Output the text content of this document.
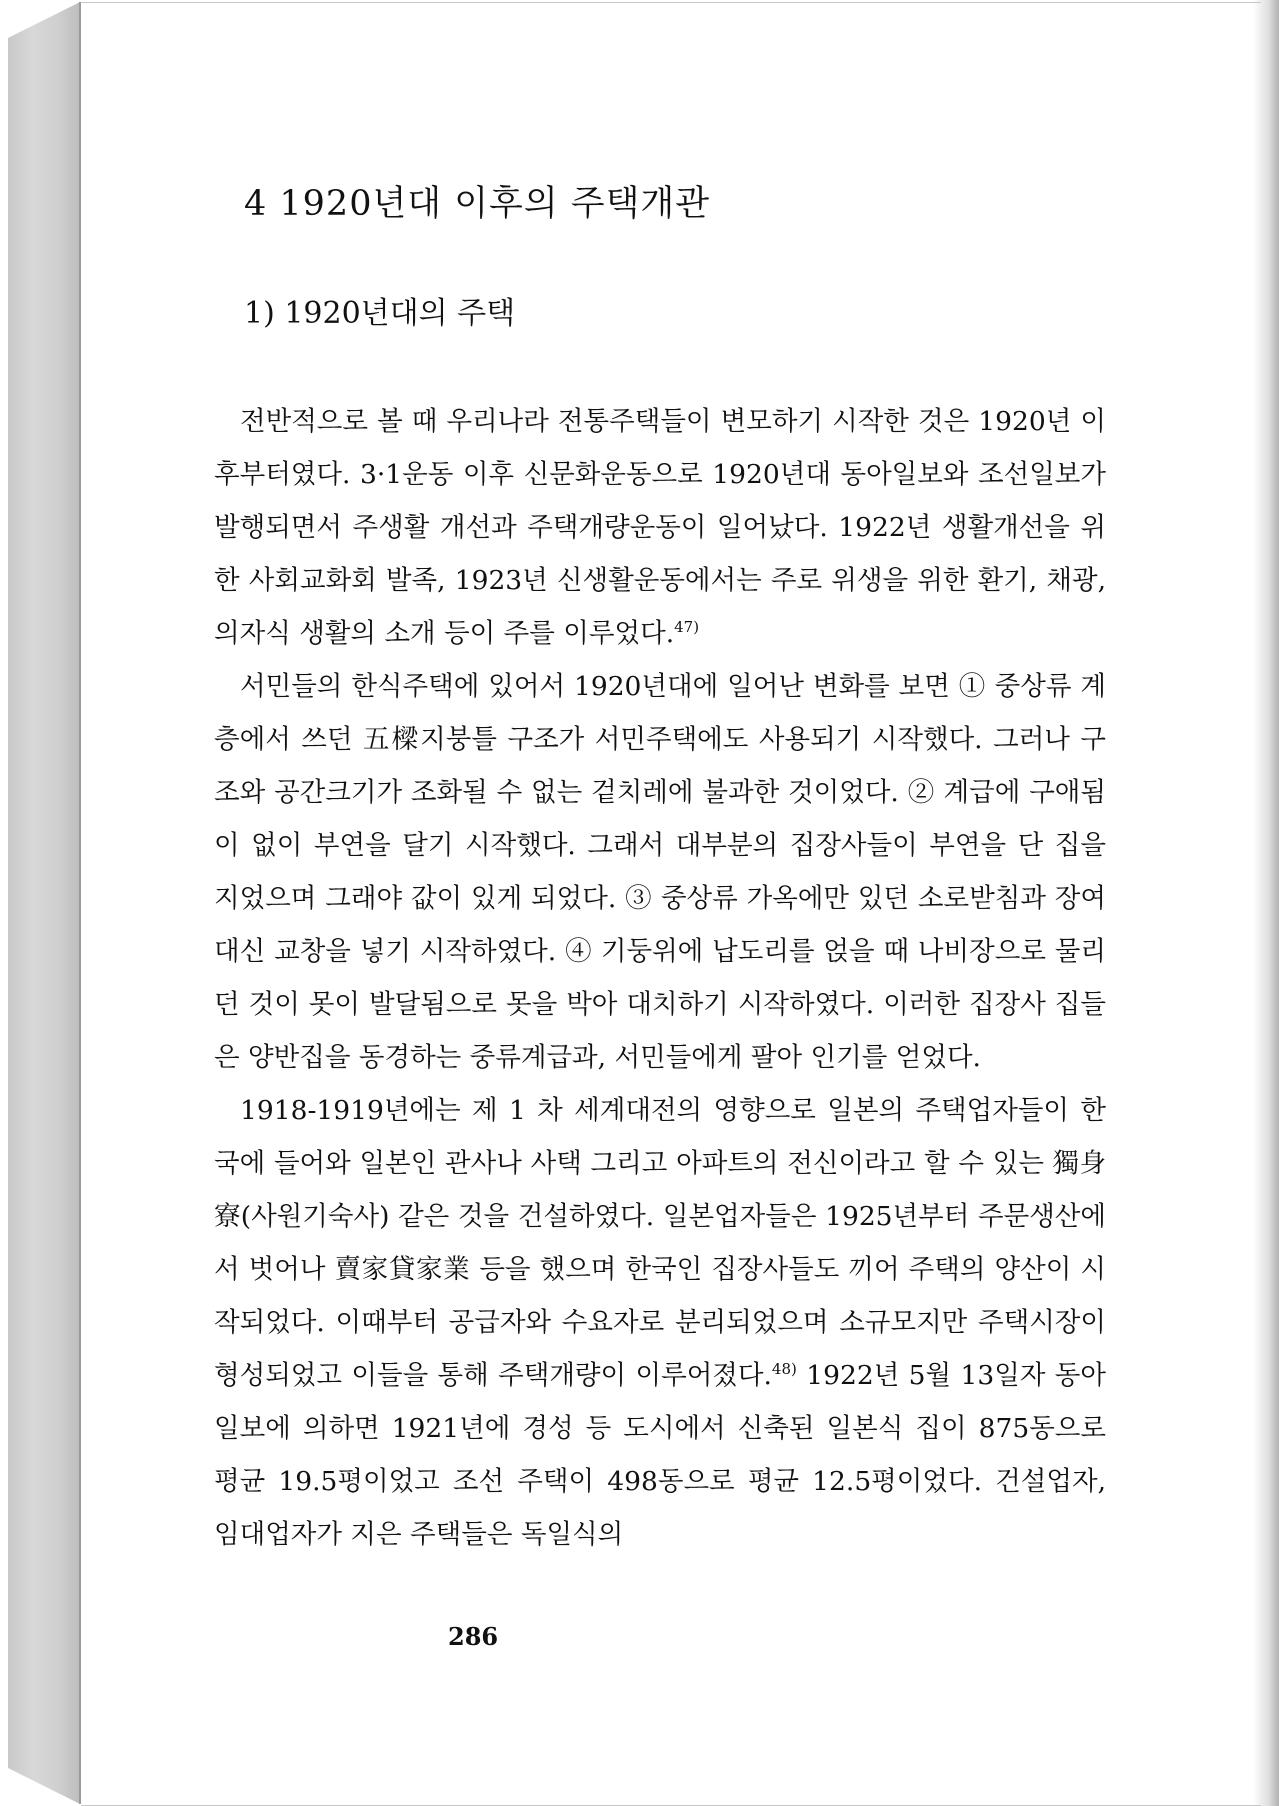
4 1920년대 이후의 주택개관
1) 1920년대의 주택

전반적으로 볼 때 우리나라 전통주택들이 변모하기 시작한 것은 1920년 이후부터였다. 3·1운동 이후 신문화운동으로 1920년대 동아일보와 조선일보가 발행되면서 주생활 개선과 주택개량운동이 일어났다. 1922년 생활개선을 위한 사회교화회 발족, 1923년 신생활운동에서는 주로 위생을 위한 환기, 채광, 의자식 생활의 소개 등이 주를 이루었다.$^{47)}$

서민들의 한식주택에 있어서 1920년대에 일어난 변화를 보면 ① 중상류 계층에서 쓰던 五樑지붕틀 구조가 서민주택에도 사용되기 시작했다. 그러나 구조와 공간크기가 조화될 수 없는 겉치레에 불과한 것이었다. ② 계급에 구애됨이 없이 부연을 달기 시작했다. 그래서 대부분의 집장사들이 부연을 단 집을 지었으며 그래야 값이 있게 되었다. ③ 중상류 가옥에만 있던 소로받침과 장여 대신 교창을 넣기 시작하였다. ④ 기둥위에 납도리를 얹을 때 나비장으로 물리던 것이 못이 발달됨으로 못을 박아 대치하기 시작하였다. 이러한 집장사 집들은 양반집을 동경하는 중류계급과, 서민들에게 팔아 인기를 얻었다.

1918-1919년에는 제 1 차 세계대전의 영향으로 일본의 주택업자들이 한국에 들어와 일본인 관사나 사택 그리고 아파트의 전신이라고 할 수 있는 獨身寮(사원기숙사) 같은 것을 건설하였다. 일본업자들은 1925년부터 주문생산에서 벗어나 賣家貸家業 등을 했으며 한국인 집장사들도 끼어 주택의 양산이 시작되었다. 이때부터 공급자와 수요자로 분리되었으며 소규모지만 주택시장이 형성되었고 이들을 통해 주택개량이 이루어졌다.$^{48)}$ 1922년 5월 13일자 동아일보에 의하면 1921년에 경성 등 도시에서 신축된 일본식 집이 875동으로 평균 19.5평이었고 조선 주택이 498동으로 평균 12.5평이었다. 건설업자, 임대업자가 지은 주택들은 독일식의

286
